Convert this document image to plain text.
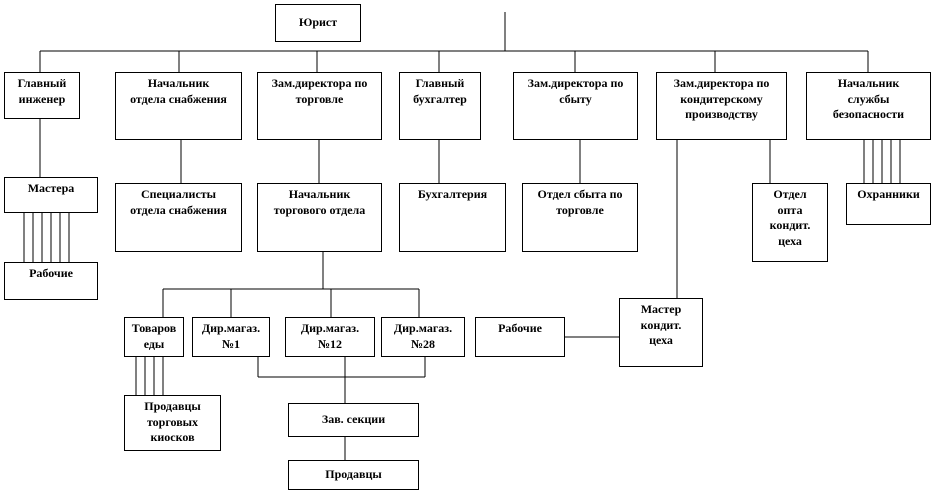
Юрист
Главный
инженер
Начальник
отдела снабжения
Зам.директора по
торговле
Главный
бухгалтер
Зам.директора по
сбыту
Зам.директора по
кондитерскому
производству
Начальник
службы
безопасности
Мастера
Рабочие
Специалисты
отдела снабжения
Начальник
торгового отдела
Бухгалтерия	Отдел сбыта по
торговле
Отдел
опта
кондит.
цеха
Охранники
Товаров
еды
Дир.магаз.
№1
Дир.магаз.
№12
Дир.магаз.
№28
Рабочие
Мастер
кондит.
цеха
Продавцы
торговых
киосков
Зав. секции
Продавцы
